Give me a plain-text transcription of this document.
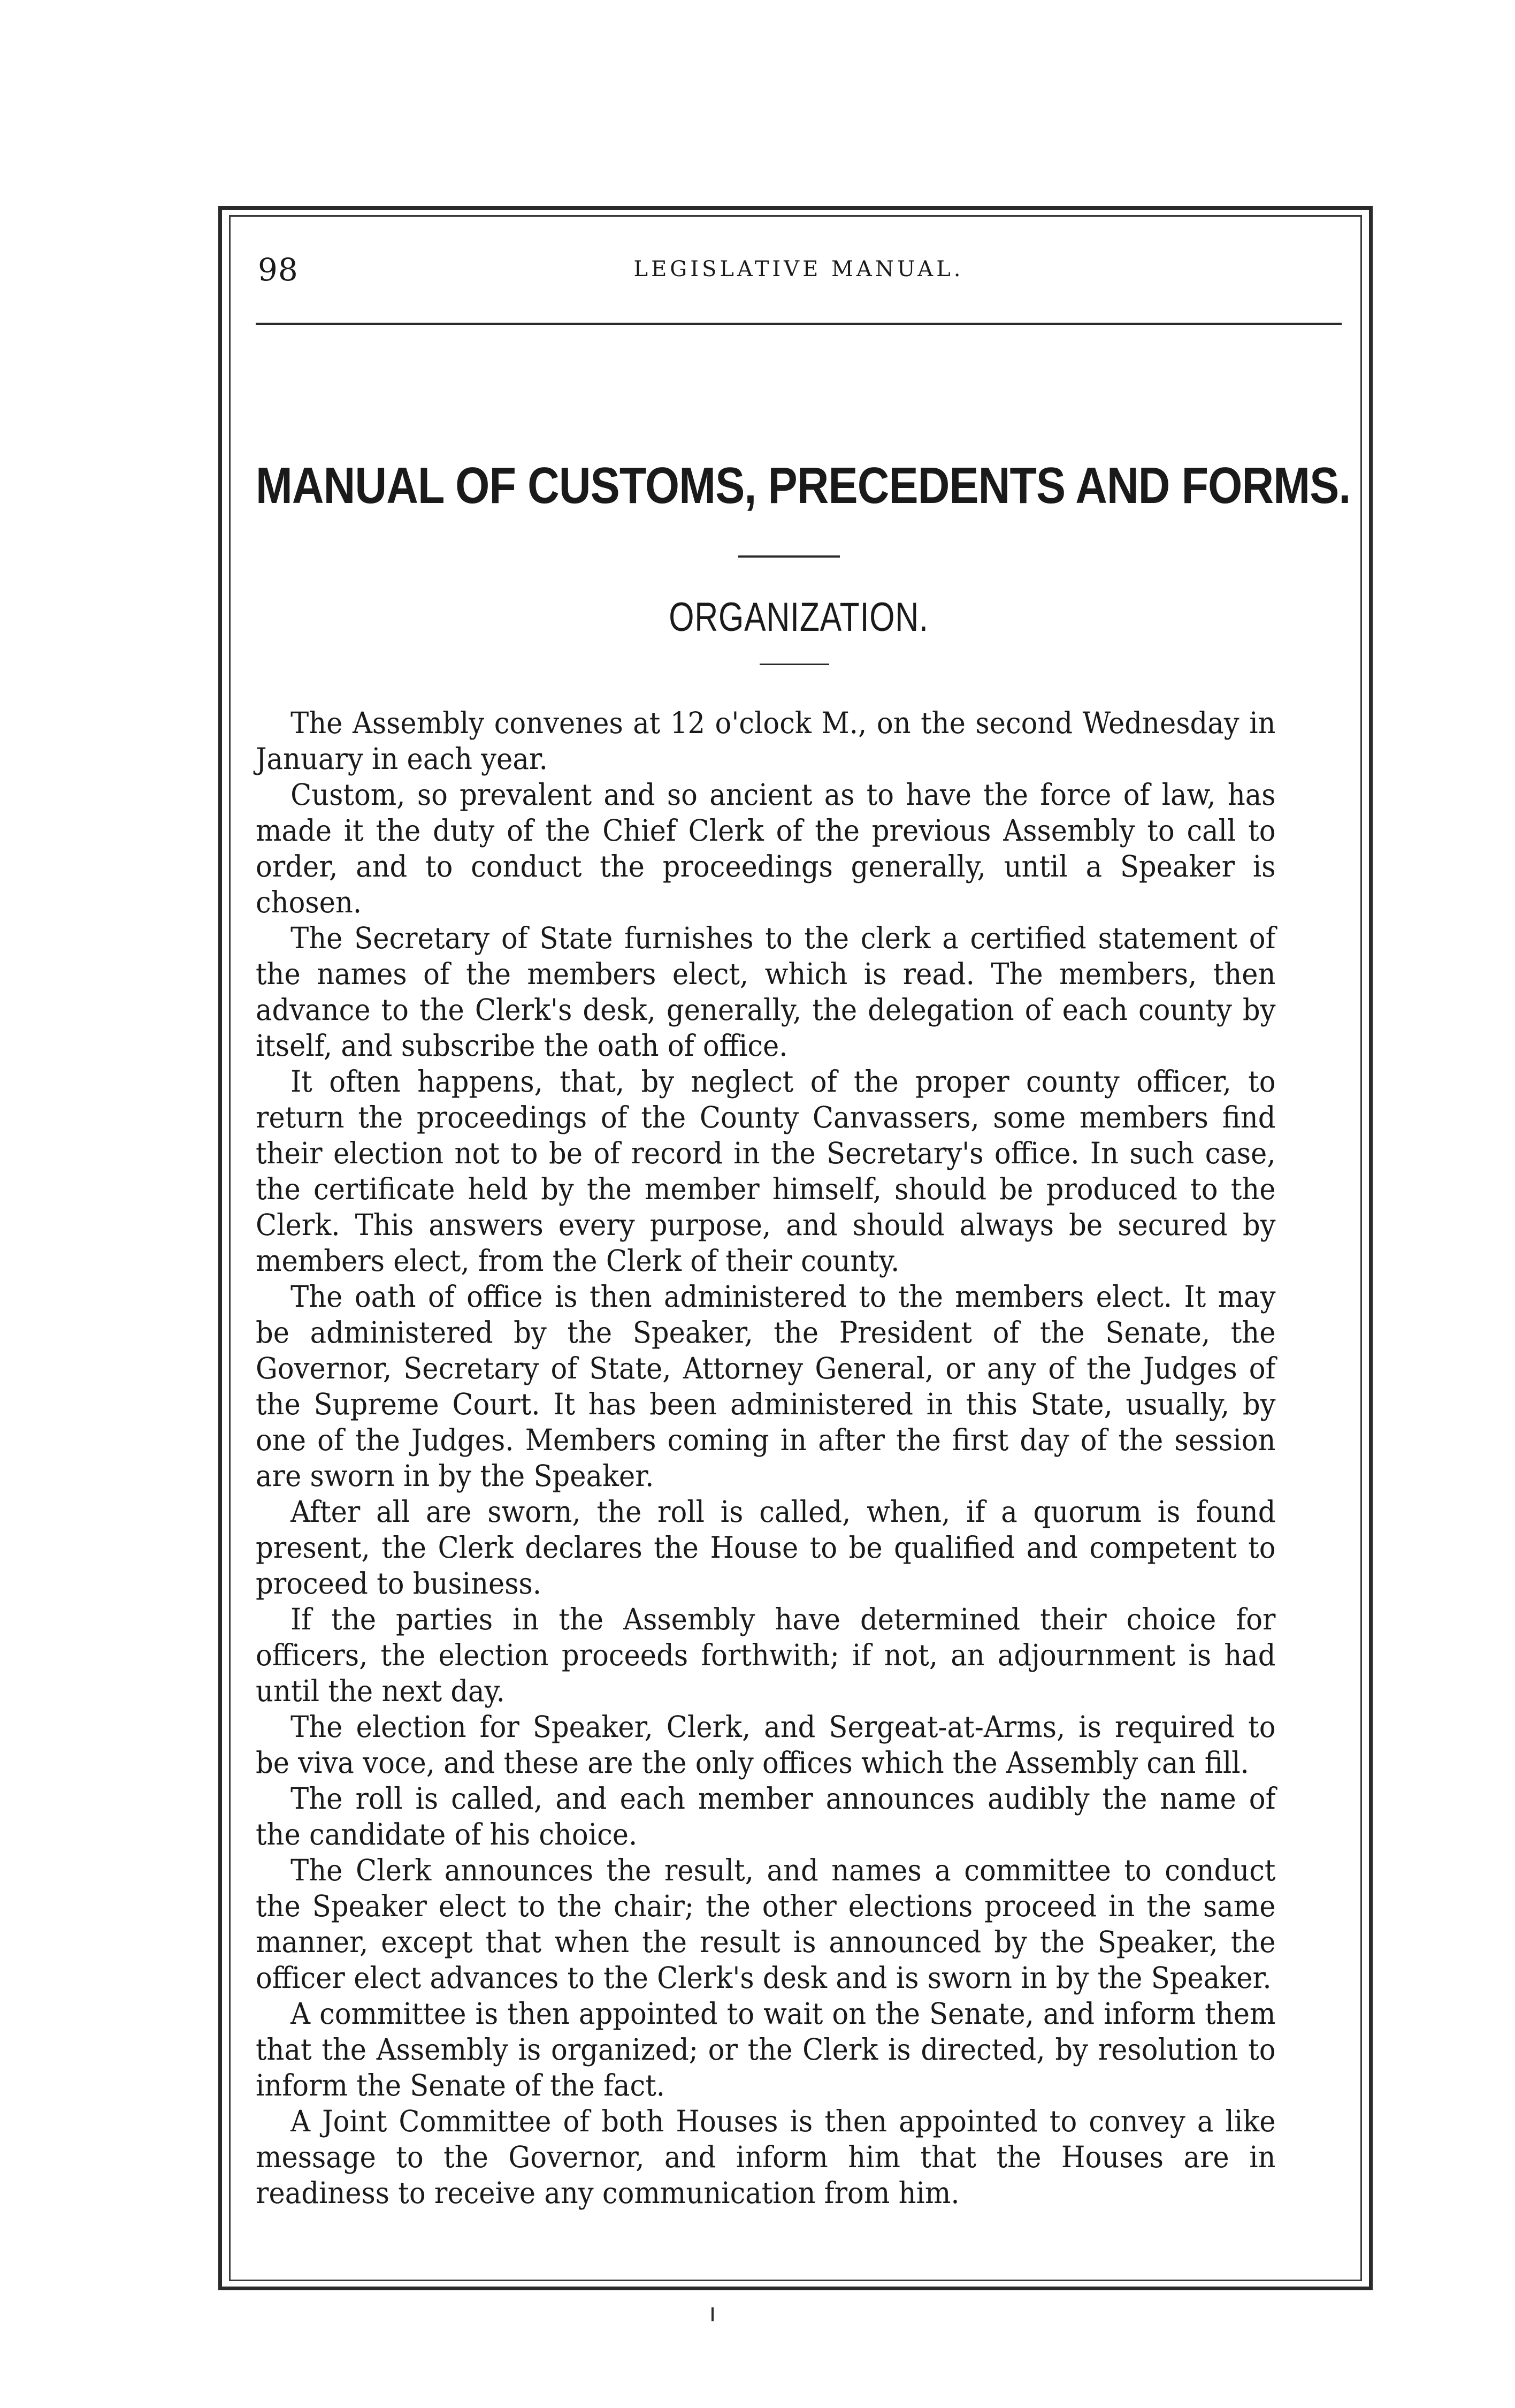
98	LEGISLATIVE MANUAL.
MANUAL OF CUSTOMS, PRECEDENTS AND FORMS.
ORGANIZATION.

The Assembly convenes at 12 o'clock M., on the second Wednesday in January in each year.

Custom, so prevalent and so ancient as to have the force of law, has made it the duty of the Chief Clerk of the previous Assembly to call to order, and to conduct the proceedings generally, until a Speaker is chosen.

The Secretary of State furnishes to the clerk a certified statement of the names of the members elect, which is read. The members, then advance to the Clerk's desk, generally, the delegation of each county by itself, and subscribe the oath of office.

It often happens, that, by neglect of the proper county officer, to return the proceedings of the County Canvassers, some members find their election not to be of record in the Secretary's office. In such case, the certificate held by the member himself, should be produced to the Clerk. This answers every purpose, and should always be secured by members elect, from the Clerk of their county.

The oath of office is then administered to the members elect. It may be administered by the Speaker, the President of the Senate, the Governor, Secretary of State, Attorney General, or any of the Judges of the Supreme Court. It has been administered in this State, usually, by one of the Judges. Members coming in after the first day of the session are sworn in by the Speaker.

After all are sworn, the roll is called, when, if a quorum is found present, the Clerk declares the House to be qualified and competent to proceed to business.

If the parties in the Assembly have determined their choice for officers, the election proceeds forthwith; if not, an adjournment is had until the next day.

The election for Speaker, Clerk, and Sergeat-at-Arms, is required to be viva voce, and these are the only offices which the Assembly can fill.

The roll is called, and each member announces audibly the name of the candidate of his choice.

The Clerk announces the result, and names a committee to conduct the Speaker elect to the chair; the other elections proceed in the same manner, except that when the result is announced by the Speaker, the officer elect advances to the Clerk's desk and is sworn in by the Speaker.

A committee is then appointed to wait on the Senate, and inform them that the Assembly is organized; or the Clerk is directed, by resolution to inform the Senate of the fact.

A Joint Committee of both Houses is then appointed to convey a like message to the Governor, and inform him that the Houses are in readiness to receive any communication from him.
